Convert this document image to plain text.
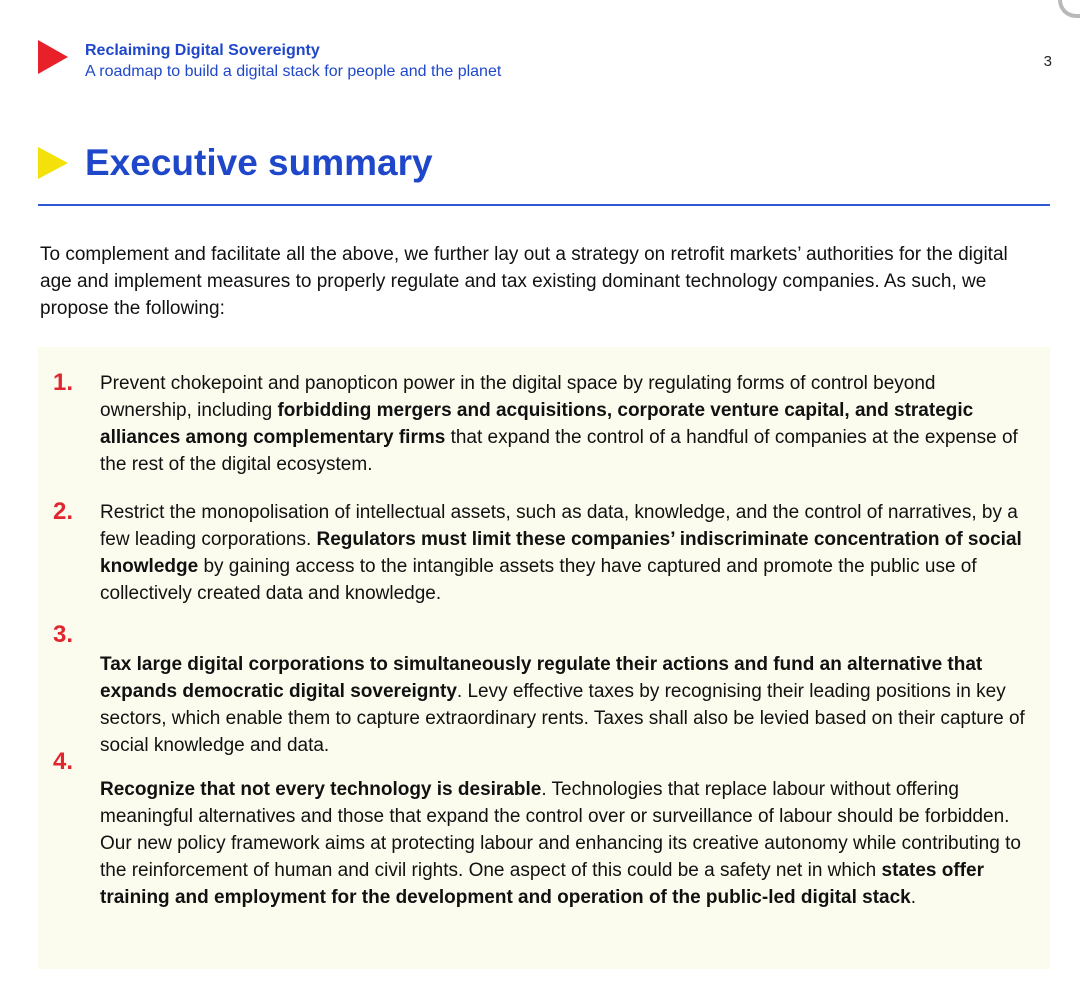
Reclaiming Digital Sovereignty
A roadmap to build a digital stack for people and the planet
3
Executive summary

To complement and facilitate all the above, we further lay out a strategy on retrofit markets’ authorities for the digital age and implement measures to properly regulate and tax existing dominant technology companies. As such, we propose the following:

1. Prevent chokepoint and panopticon power in the digital space by regulating forms of control beyond ownership, including forbidding mergers and acquisitions, corporate venture capital, and strategic alliances among complementary firms that expand the control of a handful of companies at the expense of the rest of the digital ecosystem.

2. Restrict the monopolisation of intellectual assets, such as data, knowledge, and the control of narratives, by a few leading corporations. Regulators must limit these companies’ indiscriminate concentration of social knowledge by gaining access to the intangible assets they have captured and promote the public use of collectively created data and knowledge.

3.

Tax large digital corporations to simultaneously regulate their actions and fund an alternative that expands democratic digital sovereignty. Levy effective taxes by recognising their leading positions in key sectors, which enable them to capture extraordinary rents. Taxes shall also be levied based on their capture of social knowledge and data.

4.

Recognize that not every technology is desirable. Technologies that replace labour without offering meaningful alternatives and those that expand the control over or surveillance of labour should be forbidden. Our new policy framework aims at protecting labour and enhancing its creative autonomy while contributing to the reinforcement of human and civil rights. One aspect of this could be a safety net in which states offer training and employment for the development and operation of the public-led digital stack.
